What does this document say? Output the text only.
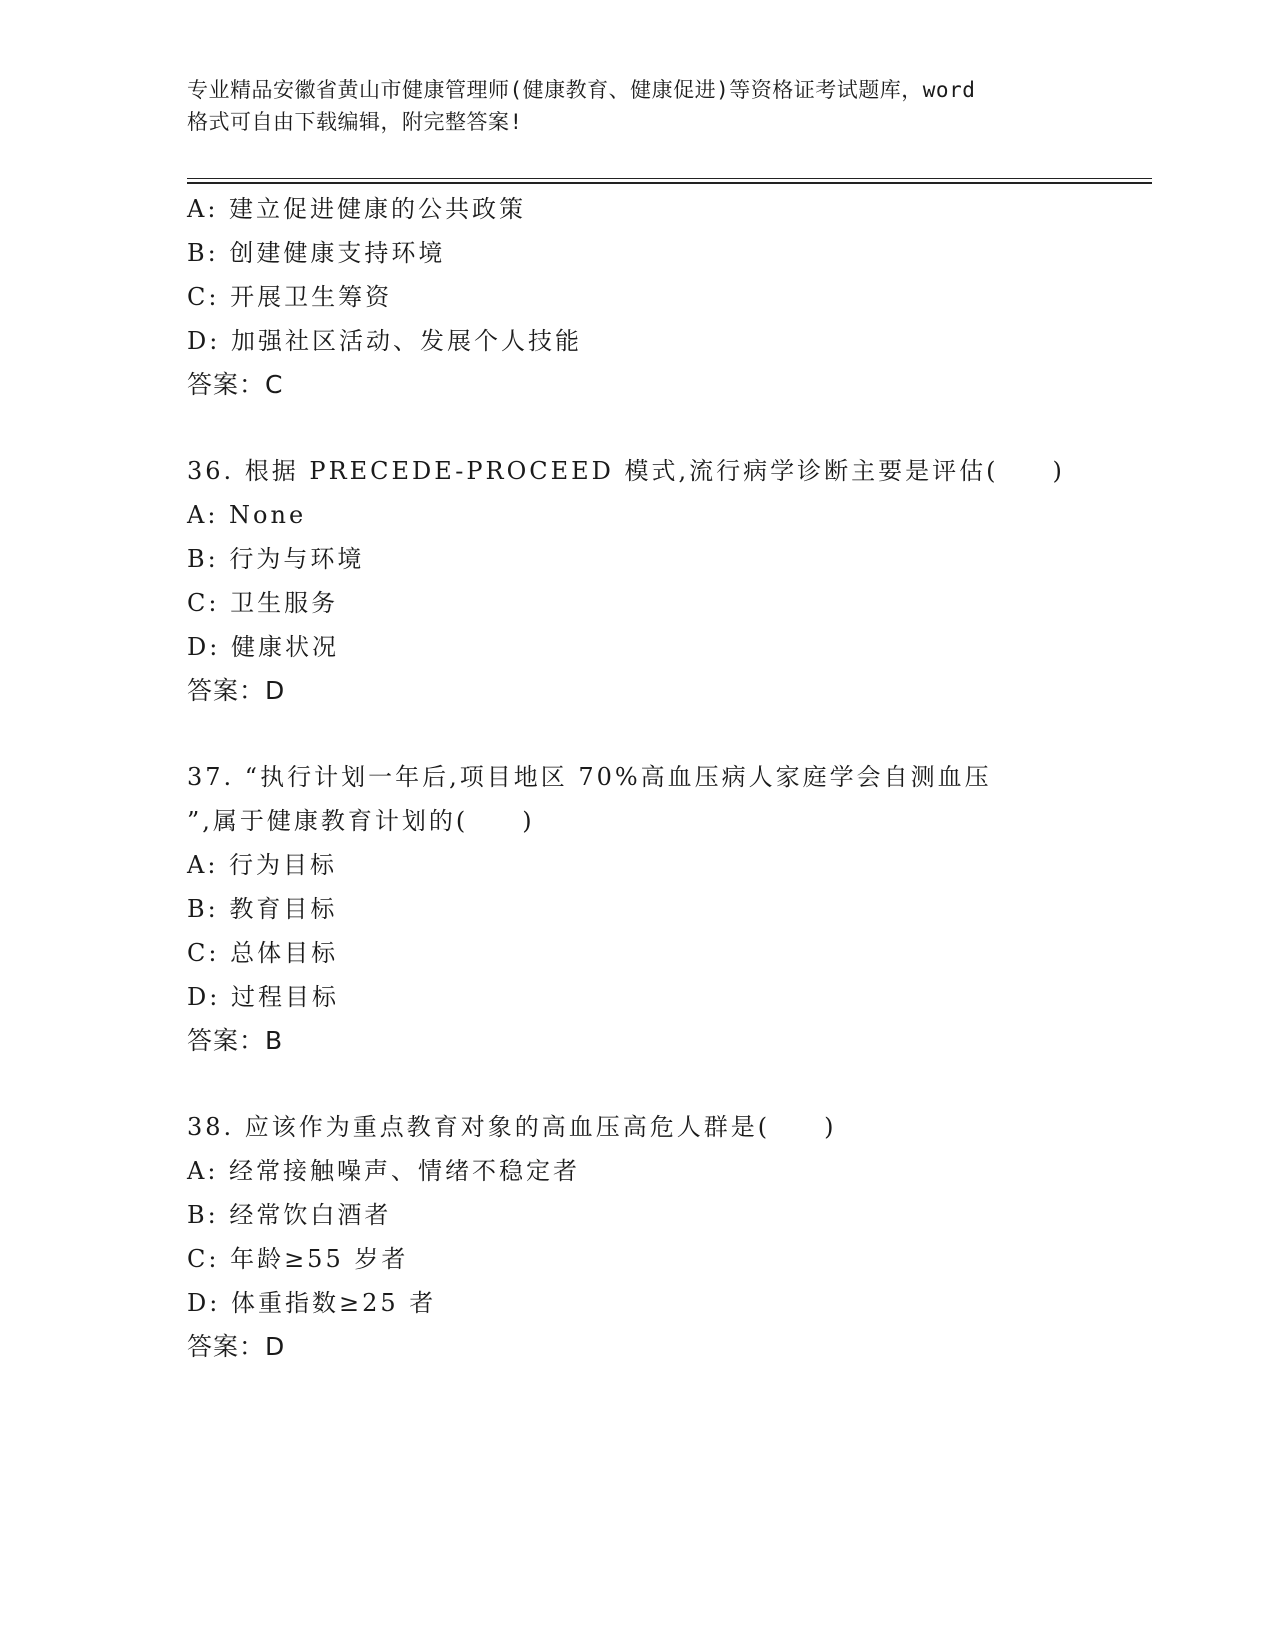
专业精品安徽省黄山市健康管理师(健康教育、健康促进)等资格证考试题库，word
格式可自由下载编辑，附完整答案!
A: 建立促进健康的公共政策
B: 创建健康支持环境
C: 开展卫生筹资
D: 加强社区活动、发展个人技能
答案：C
36. 根据 PRECEDE-PROCEED 模式,流行病学诊断主要是评估(　　)
A: None
B: 行为与环境
C: 卫生服务
D: 健康状况
答案：D
37. “执行计划一年后,项目地区 70%高血压病人家庭学会自测血压
”,属于健康教育计划的(　　)
A: 行为目标
B: 教育目标
C: 总体目标
D: 过程目标
答案：B
38. 应该作为重点教育对象的高血压高危人群是(　　)
A: 经常接触噪声、情绪不稳定者
B: 经常饮白酒者
C: 年龄≥55 岁者
D: 体重指数≥25 者
答案：D
